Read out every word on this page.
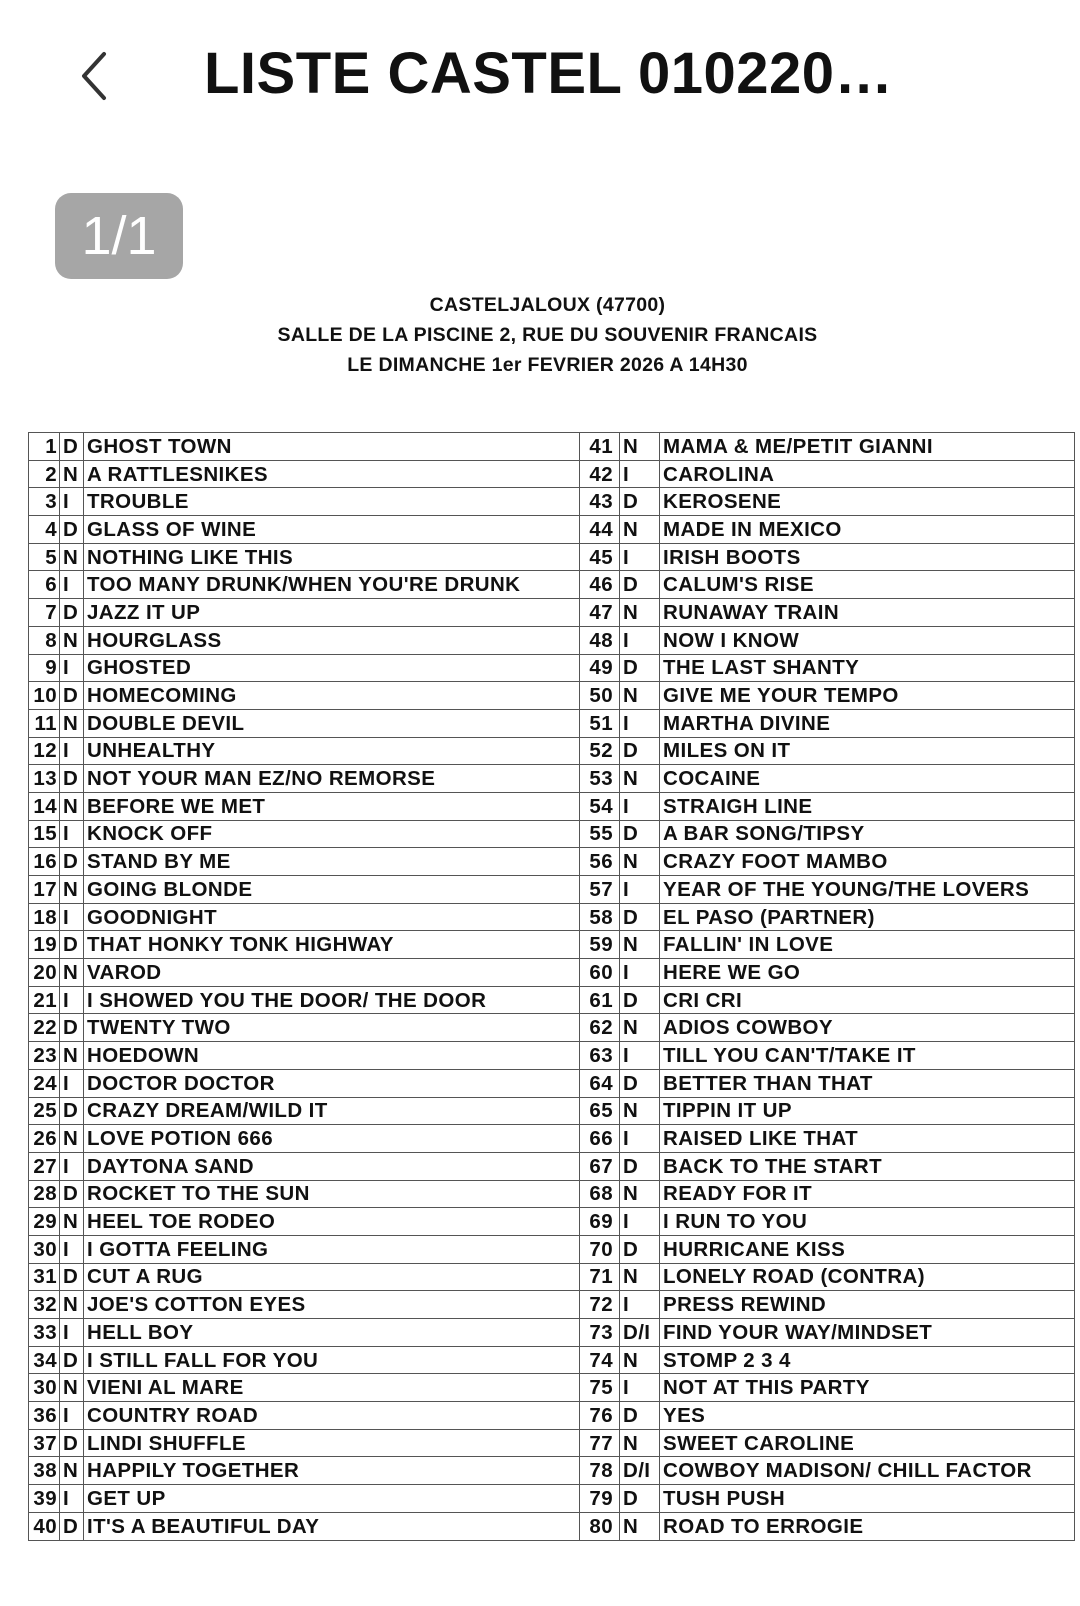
LISTE CASTEL 010220…
1/1
CASTELJALOUX (47700)
SALLE DE LA PISCINE 2, RUE DU SOUVENIR FRANCAIS
LE DIMANCHE 1er FEVRIER 2026 A 14H30
1	D	GHOST TOWN	41	N	MAMA & ME/PETIT GIANNI
2	N	A RATTLESNIKES	42	I	CAROLINA
3	I	TROUBLE	43	D	KEROSENE
4	D	GLASS OF WINE	44	N	MADE IN MEXICO
5	N	NOTHING LIKE THIS	45	I	IRISH BOOTS
6	I	TOO MANY DRUNK/WHEN YOU'RE DRUNK	46	D	CALUM'S RISE
7	D	JAZZ IT UP	47	N	RUNAWAY TRAIN
8	N	HOURGLASS	48	I	NOW I KNOW
9	I	GHOSTED	49	D	THE LAST SHANTY
10	D	HOMECOMING	50	N	GIVE ME YOUR TEMPO
11	N	DOUBLE DEVIL	51	I	MARTHA DIVINE
12	I	UNHEALTHY	52	D	MILES ON IT
13	D	NOT YOUR MAN EZ/NO REMORSE	53	N	COCAINE
14	N	BEFORE WE MET	54	I	STRAIGH LINE
15	I	KNOCK OFF	55	D	A BAR SONG/TIPSY
16	D	STAND BY ME	56	N	CRAZY FOOT MAMBO
17	N	GOING BLONDE	57	I	YEAR OF THE YOUNG/THE LOVERS
18	I	GOODNIGHT	58	D	EL PASO (PARTNER)
19	D	THAT HONKY TONK HIGHWAY	59	N	FALLIN' IN LOVE
20	N	VAROD	60	I	HERE WE GO
21	I	I SHOWED YOU THE DOOR/ THE DOOR	61	D	CRI CRI
22	D	TWENTY TWO	62	N	ADIOS COWBOY
23	N	HOEDOWN	63	I	TILL YOU CAN'T/TAKE IT
24	I	DOCTOR DOCTOR	64	D	BETTER THAN THAT
25	D	CRAZY DREAM/WILD IT	65	N	TIPPIN IT UP
26	N	LOVE POTION 666	66	I	RAISED LIKE THAT
27	I	DAYTONA SAND	67	D	BACK TO THE START
28	D	ROCKET TO THE SUN	68	N	READY FOR IT
29	N	HEEL TOE RODEO	69	I	I RUN TO YOU
30	I	I GOTTA FEELING	70	D	HURRICANE KISS
31	D	CUT A RUG	71	N	LONELY ROAD (CONTRA)
32	N	JOE'S COTTON EYES	72	I	PRESS REWIND
33	I	HELL BOY	73	D/I	FIND YOUR WAY/MINDSET
34	D	I STILL FALL FOR YOU	74	N	STOMP 2 3 4
30	N	VIENI AL MARE	75	I	NOT AT THIS PARTY
36	I	COUNTRY ROAD	76	D	YES
37	D	LINDI SHUFFLE	77	N	SWEET CAROLINE
38	N	HAPPILY TOGETHER	78	D/I	COWBOY MADISON/ CHILL FACTOR
39	I	GET UP	79	D	TUSH PUSH
40	D	IT'S A BEAUTIFUL DAY	80	N	ROAD TO ERROGIE
